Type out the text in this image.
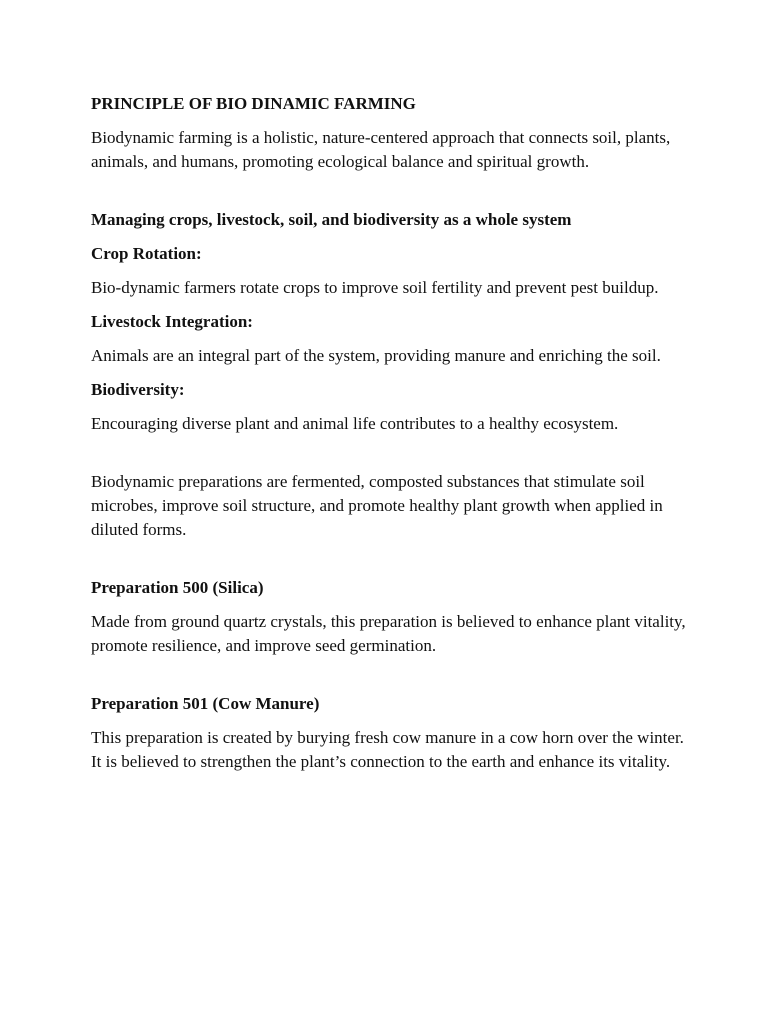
PRINCIPLE OF BIO DINAMIC FARMING

Biodynamic farming is a holistic, nature-centered approach that connects soil, plants, animals, and humans, promoting ecological balance and spiritual growth.

Managing crops, livestock, soil, and biodiversity as a whole system

Crop Rotation:

Bio-dynamic farmers rotate crops to improve soil fertility and prevent pest buildup.

Livestock Integration:

Animals are an integral part of the system, providing manure and enriching the soil.

Biodiversity:

Encouraging diverse plant and animal life contributes to a healthy ecosystem.

Biodynamic preparations are fermented, composted substances that stimulate soil microbes, improve soil structure, and promote healthy plant growth when applied in diluted forms.

Preparation 500 (Silica)

Made from ground quartz crystals, this preparation is believed to enhance plant vitality, promote resilience, and improve seed germination.

Preparation 501 (Cow Manure)

This preparation is created by burying fresh cow manure in a cow horn over the winter. It is believed to strengthen the plant’s connection to the earth and enhance its vitality.
